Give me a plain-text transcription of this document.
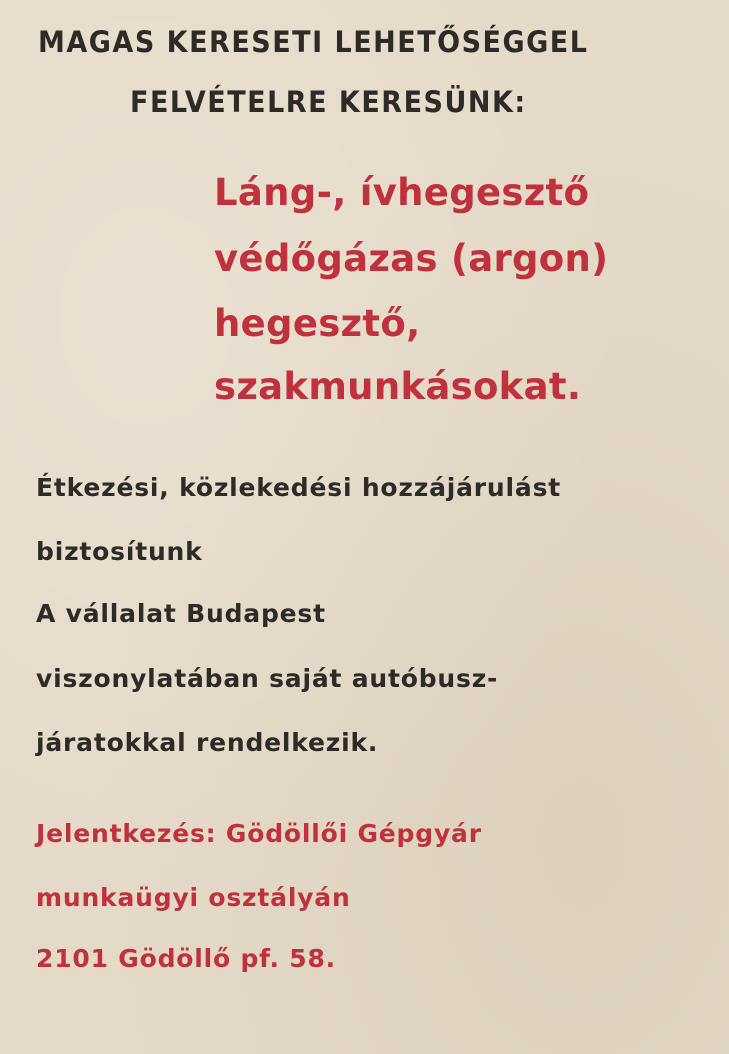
MAGAS KERESETI LEHETŐSÉGGEL

FELVÉTELRE KERESÜNK:

Láng-, ívhegesztő

védőgázas (argon)

hegesztő,

szakmunkásokat.

Étkezési, közlekedési hozzájárulást

biztosítunk

A vállalat Budapest

viszonylatában saját autóbusz-

járatokkal rendelkezik.

Jelentkezés: Gödöllői Gépgyár

munkaügyi osztályán

2101 Gödöllő pf. 58.
